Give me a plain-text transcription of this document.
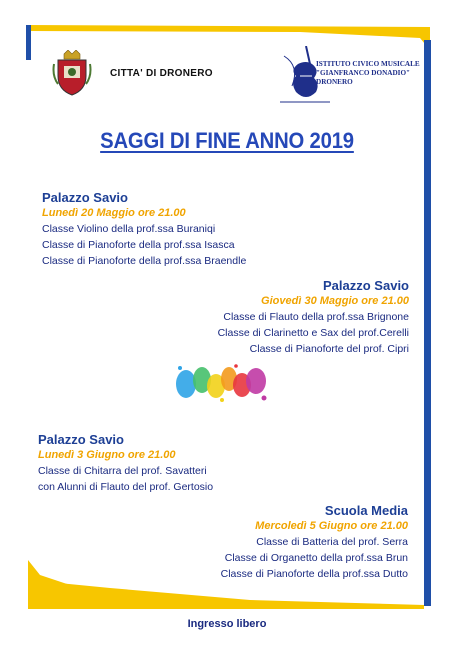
CITTA' DI DRONERO
ISTITUTO CIVICO MUSICALE
"GIANFRANCO DONADIO"
DRONERO
SAGGI DI FINE ANNO 2019
Palazzo Savio
Lunedì 20 Maggio ore 21.00
Classe Violino della prof.ssa Buraniqi
Classe di Pianoforte della prof.ssa Isasca
Classe di Pianoforte della prof.ssa Braendle
Palazzo Savio
Giovedì 30 Maggio ore 21.00
Classe di Flauto della prof.ssa Brignone
Classe di Clarinetto e Sax del prof.Cerelli
Classe di Pianoforte del prof. Cipri
Palazzo Savio
Lunedì 3 Giugno ore 21.00
Classe di Chitarra del prof. Savatteri
con Alunni di Flauto del prof. Gertosio
Scuola Media
Mercoledì 5 Giugno ore 21.00
Classe di Batteria del prof. Serra
Classe di Organetto della prof.ssa Brun
Classe di Pianoforte della prof.ssa Dutto
Ingresso libero
